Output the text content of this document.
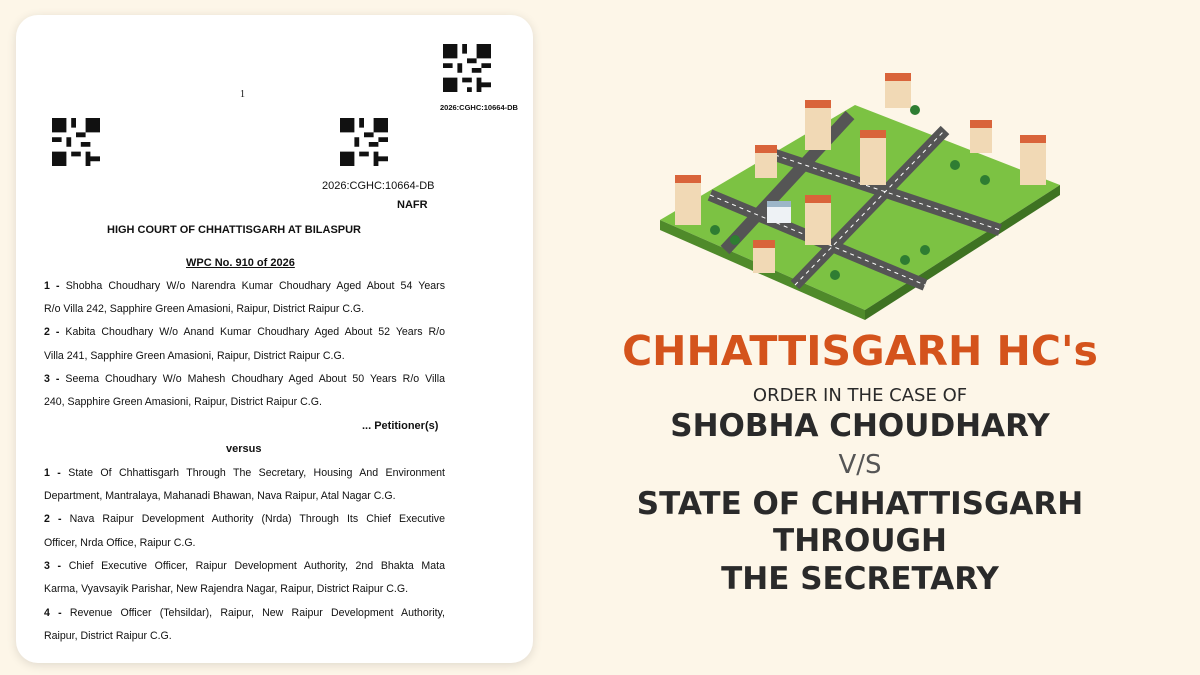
2026:CGHC:10664-DB
1
2026:CGHC:10664-DB
NAFR
HIGH COURT OF CHHATTISGARH AT BILASPUR
WPC No. 910 of 2026
1 - Shobha Choudhary W/o Narendra Kumar Choudhary Aged About 54 Years
R/o Villa 242, Sapphire Green Amasioni, Raipur, District Raipur C.G.
2 - Kabita Choudhary W/o Anand Kumar Choudhary Aged About 52 Years R/o
Villa 241, Sapphire Green Amasioni, Raipur, District Raipur C.G.
3 - Seema Choudhary W/o Mahesh Choudhary Aged About 50 Years R/o Villa
240, Sapphire Green Amasioni, Raipur, District Raipur C.G.
... Petitioner(s)
versus
1 - State Of Chhattisgarh Through The Secretary, Housing And Environment
Department, Mantralaya, Mahanadi Bhawan, Nava Raipur, Atal Nagar C.G.
2 - Nava Raipur Development Authority (Nrda) Through Its Chief Executive
Officer, Nrda Office, Raipur C.G.
3 - Chief Executive Officer, Raipur Development Authority, 2nd Bhakta Mata
Karma, Vyavsayik Parishar, New Rajendra Nagar, Raipur, District Raipur C.G.
4 - Revenue Officer (Tehsildar), Raipur, New Raipur Development Authority,
Raipur, District Raipur C.G.
CHHATTISGARH HC's
ORDER IN THE CASE OF
SHOBHA CHOUDHARY
V/S
STATE OF CHHATTISGARH
THROUGH
THE SECRETARY
